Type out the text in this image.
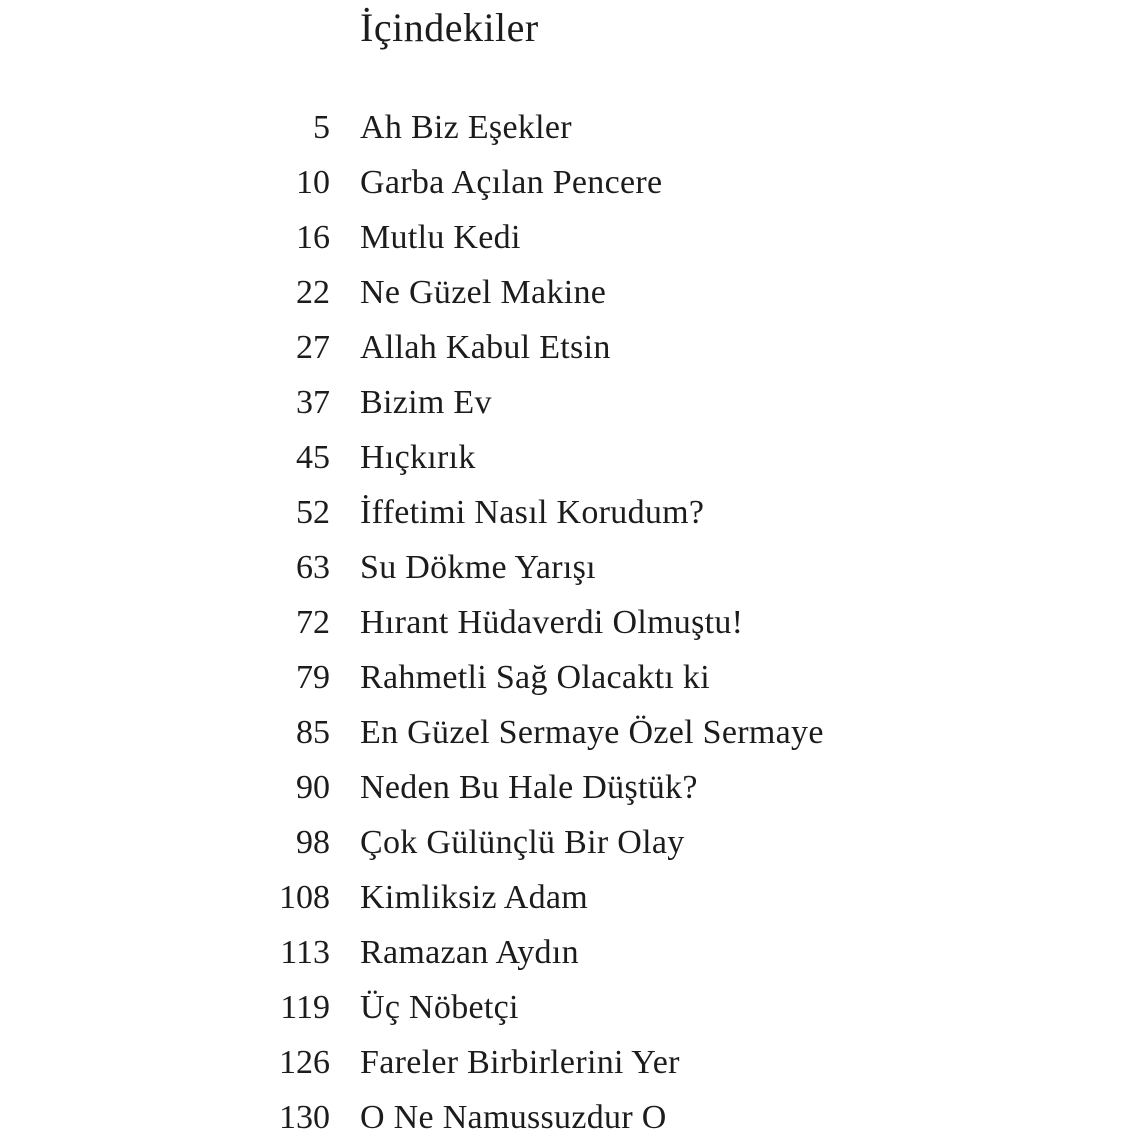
İçindekiler
5 Ah Biz Eşekler
10 Garba Açılan Pencere
16 Mutlu Kedi
22 Ne Güzel Makine
27 Allah Kabul Etsin
37 Bizim Ev
45 Hıçkırık
52 İffetimi Nasıl Korudum?
63 Su Dökme Yarışı
72 Hırant Hüdaverdi Olmuştu!
79 Rahmetli Sağ Olacaktı ki
85 En Güzel Sermaye Özel Sermaye
90 Neden Bu Hale Düştük?
98 Çok Gülünçlü Bir Olay
108 Kimliksiz Adam
113 Ramazan Aydın
119 Üç Nöbetçi
126 Fareler Birbirlerini Yer
130 O Ne Namussuzdur O
